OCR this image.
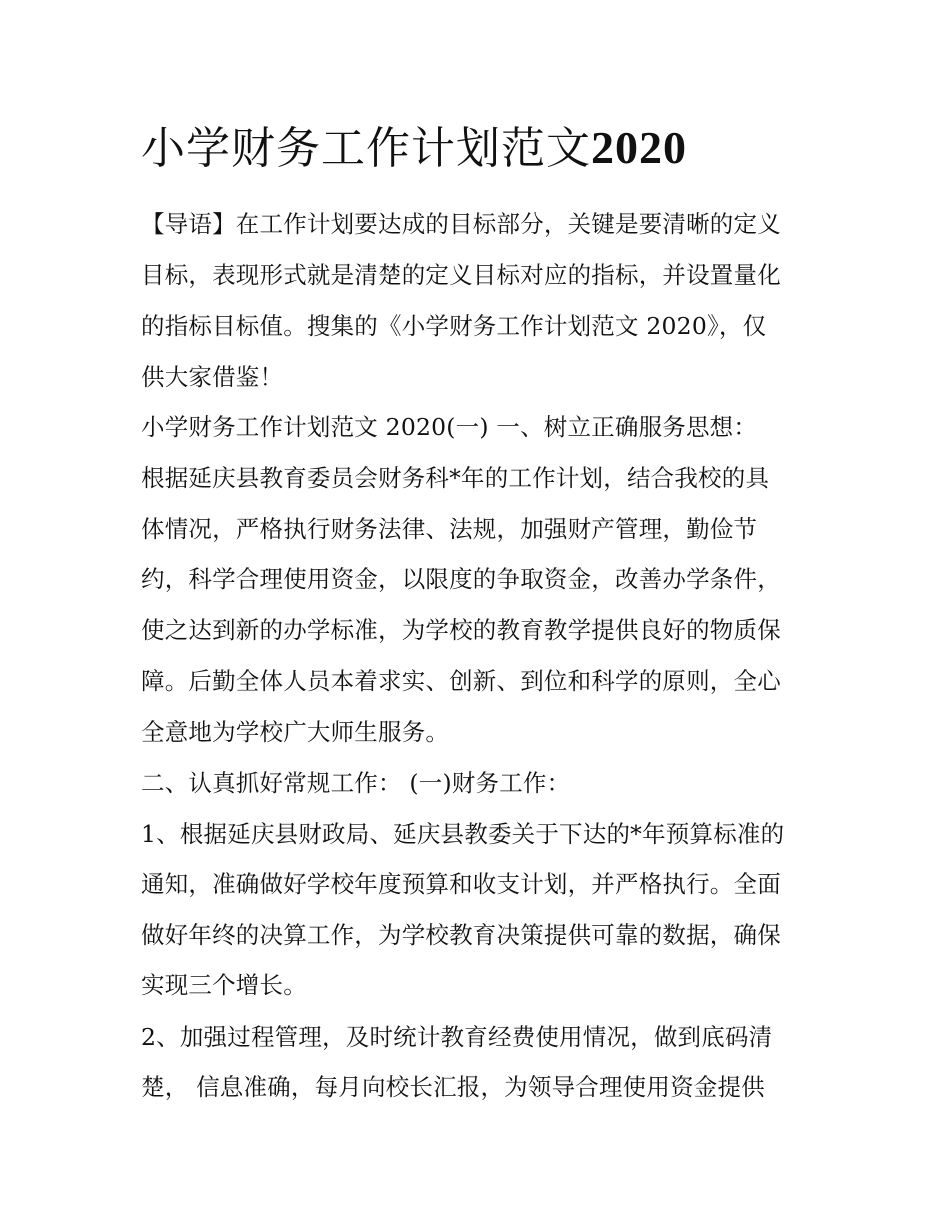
小学财务工作计划范文2020

【导语】在工作计划要达成的目标部分，关键是要清晰的定义

目标，表现形式就是清楚的定义目标对应的指标，并设置量化

的指标目标值。搜集的《小学财务工作计划范文 2020》，仅

供大家借鉴！

小学财务工作计划范文 2020(一) 一、树立正确服务思想：

根据延庆县教育委员会财务科*年的工作计划，结合我校的具

体情况，严格执行财务法律、法规，加强财产管理，勤俭节

约，科学合理使用资金，以限度的争取资金，改善办学条件，

使之达到新的办学标准，为学校的教育教学提供良好的物质保

障。后勤全体人员本着求实、创新、到位和科学的原则，全心

全意地为学校广大师生服务。

二、认真抓好常规工作： (一)财务工作：

1、根据延庆县财政局、延庆县教委关于下达的*年预算标准的

通知，准确做好学校年度预算和收支计划，并严格执行。全面

做好年终的决算工作，为学校教育决策提供可靠的数据，确保

实现三个增长。

2、加强过程管理，及时统计教育经费使用情况，做到底码清

楚， 信息准确，每月向校长汇报，为领导合理使用资金提供
